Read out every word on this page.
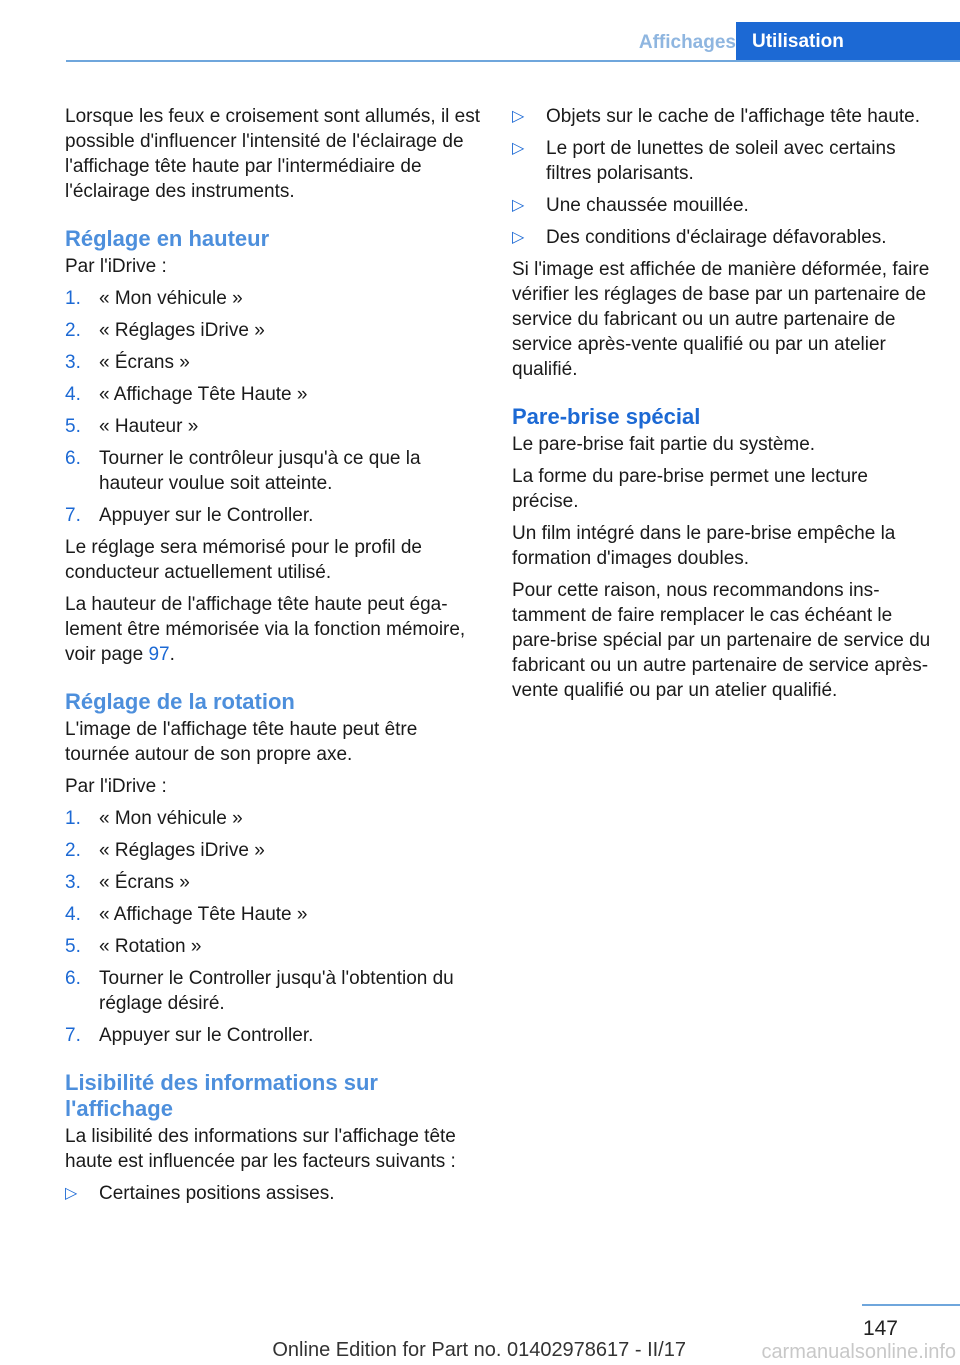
Affichages Utilisation

Lorsque les feux e croisement sont allumés, il est possible d'influencer l'intensité de l'éclairage de l'affichage tête haute par l'intermédiaire de l'éclairage des instruments.

Réglage en hauteur

Par l'iDrive :

1. « Mon véhicule »
2. « Réglages iDrive »
3. « Écrans »
4. « Affichage Tête Haute »
5. « Hauteur »
6. Tourner le contrôleur jusqu'à ce que la hauteur voulue soit atteinte.
7. Appuyer sur le Controller.

Le réglage sera mémorisé pour le profil de conducteur actuellement utilisé.

La hauteur de l'affichage tête haute peut également être mémorisée via la fonction mémoire, voir page 97.

Réglage de la rotation

L'image de l'affichage tête haute peut être tournée autour de son propre axe.

Par l'iDrive :

1. « Mon véhicule »
2. « Réglages iDrive »
3. « Écrans »
4. « Affichage Tête Haute »
5. « Rotation »
6. Tourner le Controller jusqu'à l'obtention du réglage désiré.
7. Appuyer sur le Controller.
Lisibilité des informations sur l'affichage

La lisibilité des informations sur l'affichage tête haute est influencée par les facteurs suivants :

▷	Certaines positions assises.
▷	Objets sur le cache de l'affichage tête haute.
▷	Le port de lunettes de soleil avec certains filtres polarisants.
▷	Une chaussée mouillée.
▷	Des conditions d'éclairage défavorables.

Si l'image est affichée de manière déformée, faire vérifier les réglages de base par un partenaire de service du fabricant ou un autre partenaire de service après-vente qualifié ou par un atelier qualifié.

Pare-brise spécial

Le pare-brise fait partie du système.

La forme du pare-brise permet une lecture précise.

Un film intégré dans le pare-brise empêche la formation d'images doubles.

Pour cette raison, nous recommandons instamment de faire remplacer le cas échéant le pare-brise spécial par un partenaire de service du fabricant ou un autre partenaire de service après-vente qualifié ou par un atelier qualifié.

147
Online Edition for Part no. 01402978617 - II/17	carmanualsonline.info
